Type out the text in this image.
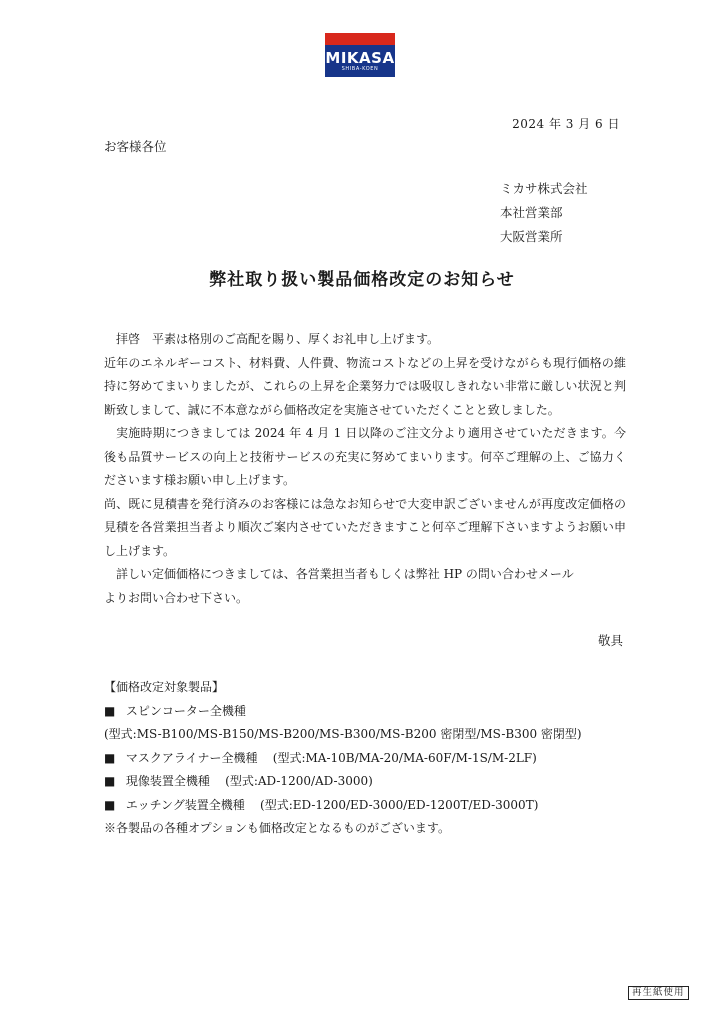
MIKASA
SHIBA-KOEN
2024 年 3 月 6 日
お客様各位
ミカサ株式会社
本社営業部
大阪営業所
弊社取り扱い製品価格改定のお知らせ

拝啓　平素は格別のご高配を賜り、厚くお礼申し上げます。

近年のエネルギーコスト、材料費、人件費、物流コストなどの上昇を受けながらも現行価格の維持に努めてまいりましたが、これらの上昇を企業努力では吸収しきれない非常に厳しい状況と判断致しまして、誠に不本意ながら価格改定を実施させていただくことと致しました。

実施時期につきましては 2024 年 4 月 1 日以降のご注文分より適用させていただきます。今後も品質サービスの向上と技術サービスの充実に努めてまいります。何卒ご理解の上、ご協力くださいます様お願い申し上げます。

尚、既に見積書を発行済みのお客様には急なお知らせで大変申訳ございませんが再度改定価格の見積を各営業担当者より順次ご案内させていただきますこと何卒ご理解下さいますようお願い申し上げます。

詳しい定価価格につきましては、各営業担当者もしくは弊社 HP の問い合わせメール

よりお問い合わせ下さい。

敬具
【価格改定対象製品】
■ スピンコーター全機種
(型式:MS-B100/MS-B150/MS-B200/MS-B300/MS-B200 密閉型/MS-B300 密閉型)
■ マスクアライナー全機種 (型式:MA-10B/MA-20/MA-60F/M-1S/M-2LF)
■ 現像装置全機種 (型式:AD-1200/AD-3000)
■ エッチング装置全機種 (型式:ED-1200/ED-3000/ED-1200T/ED-3000T)
※各製品の各種オプションも価格改定となるものがございます。
再生紙使用
